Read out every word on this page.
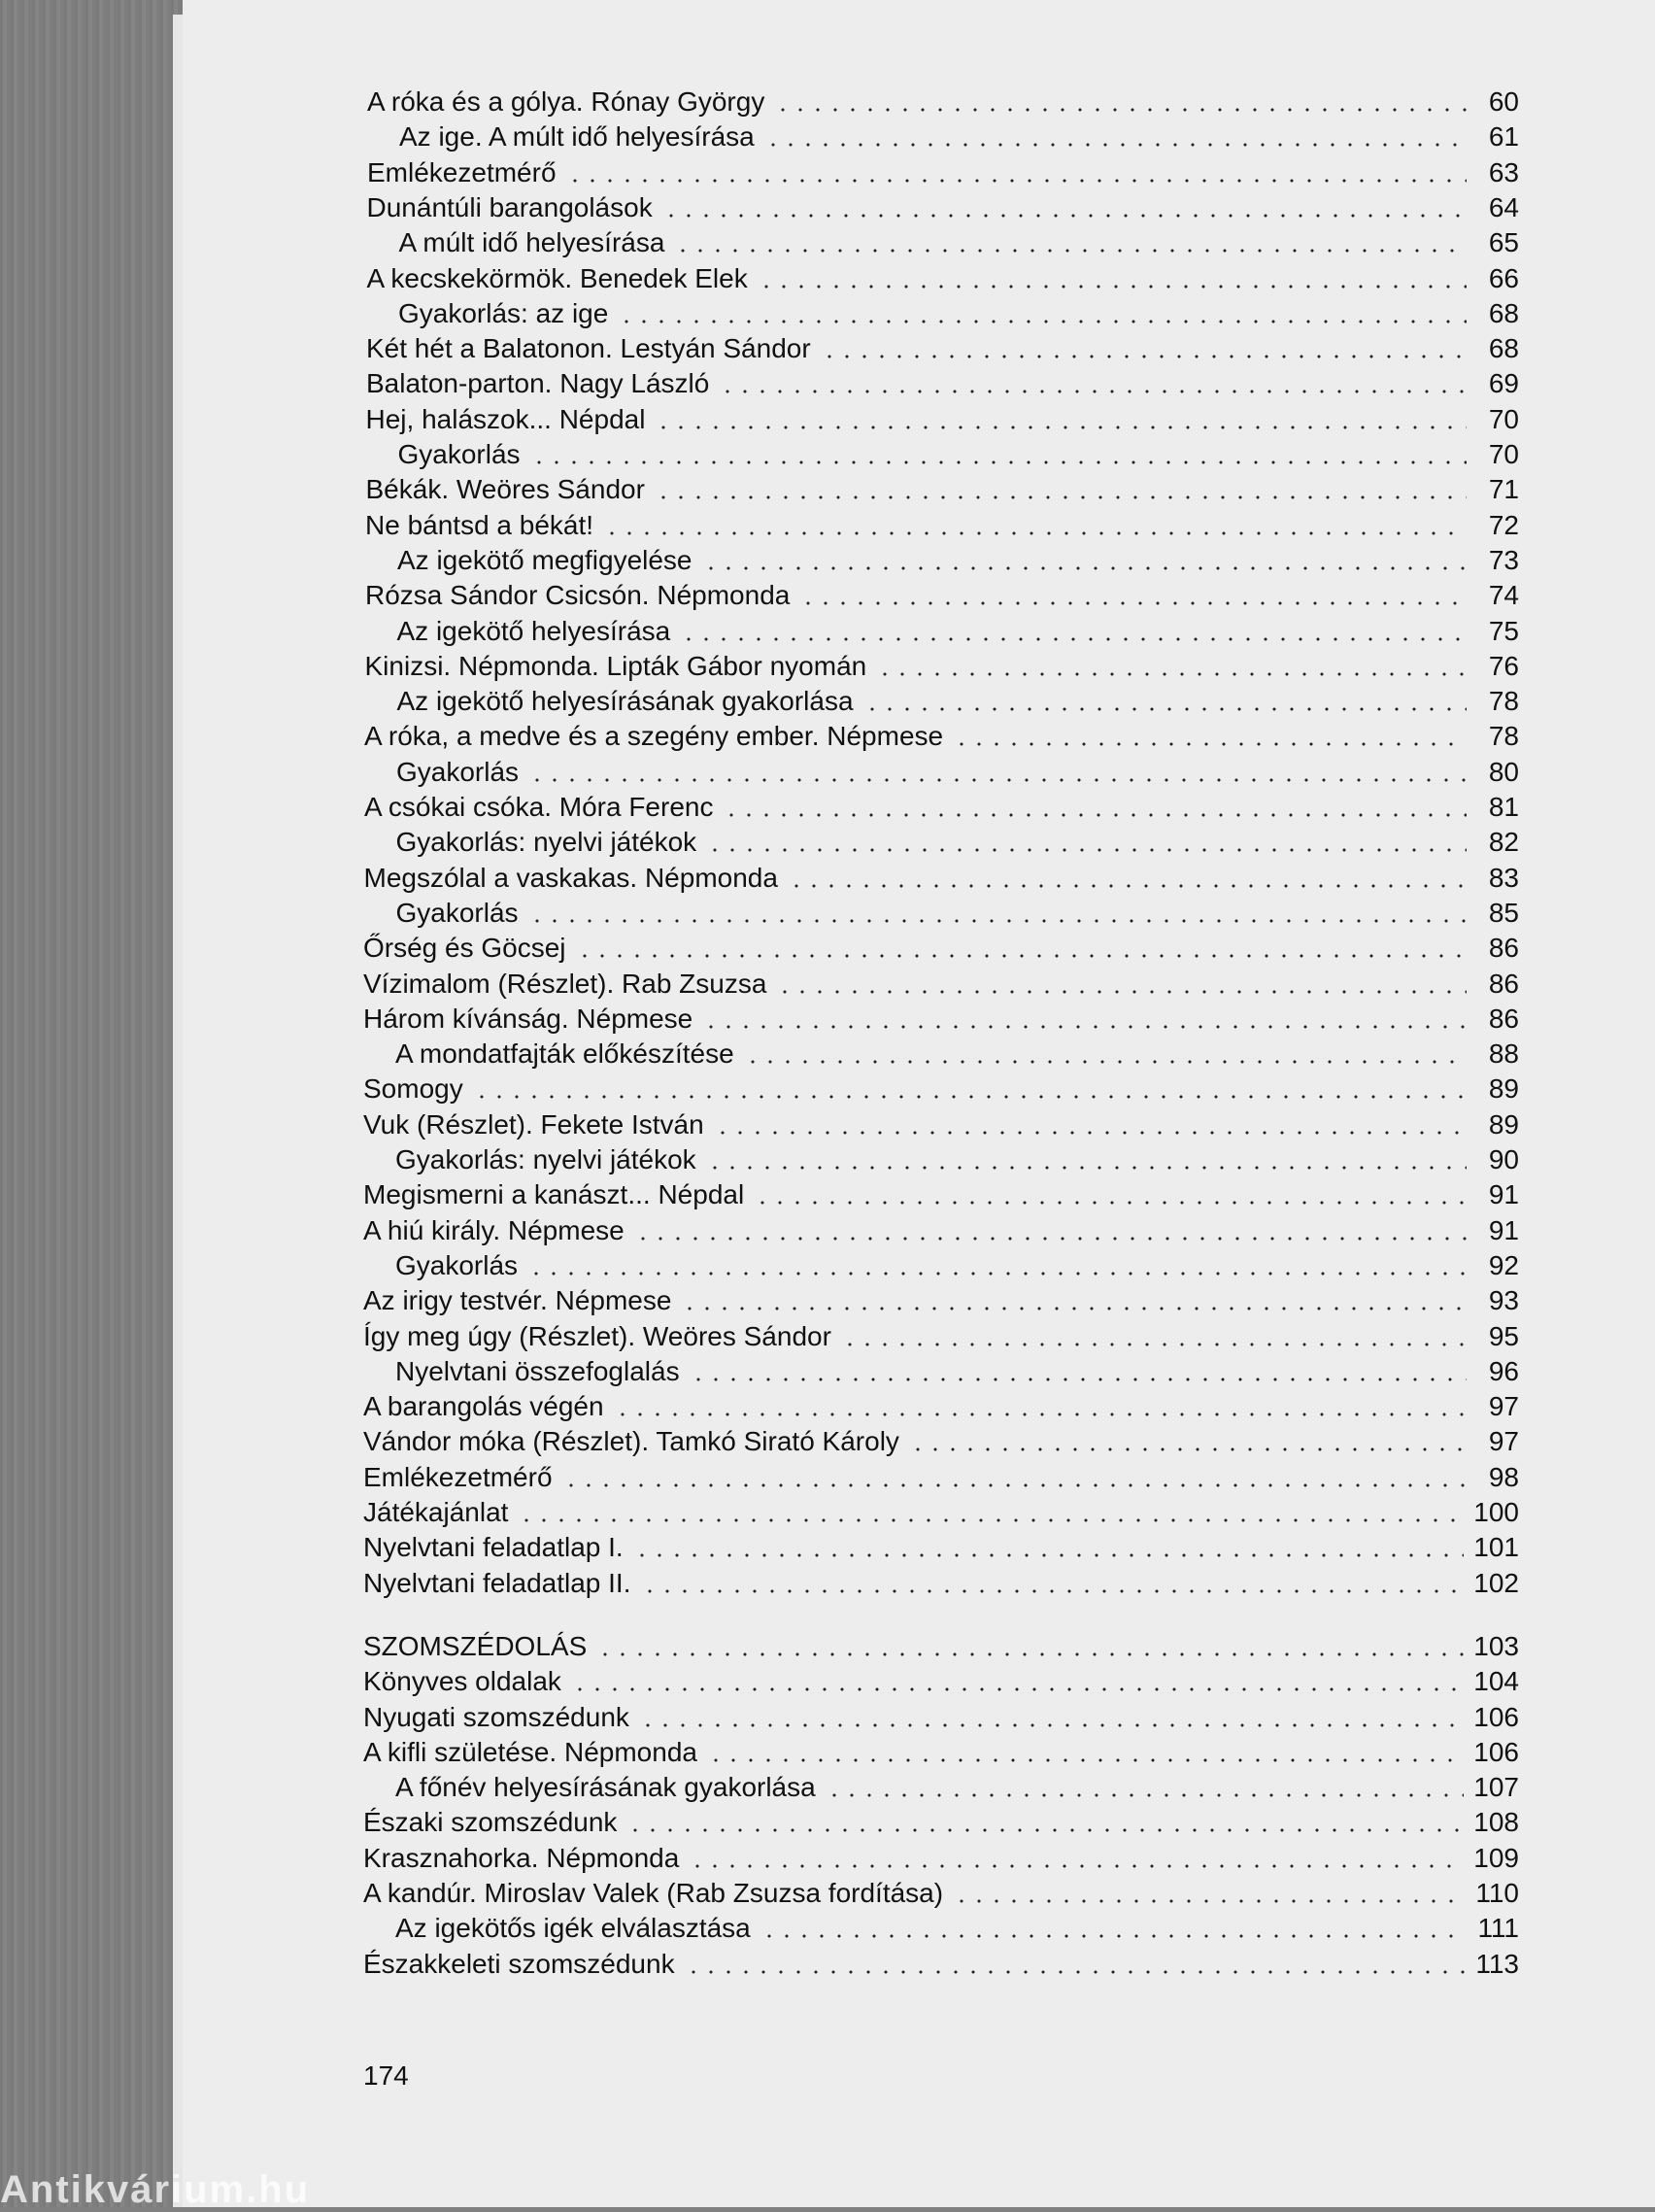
A róka és a gólya. Rónay György	60
Az ige. A múlt idő helyesírása	61
Emlékezetmérő	63
Dunántúli barangolások	64
A múlt idő helyesírása	65
A kecskekörmök. Benedek Elek	66
Gyakorlás: az ige	68
Két hét a Balatonon. Lestyán Sándor	68
Balaton-parton. Nagy László	69
Hej, halászok... Népdal	70
Gyakorlás	70
Békák. Weöres Sándor	71
Ne bántsd a békát!	72
Az igekötő megfigyelése	73
Rózsa Sándor Csicsón. Népmonda	74
Az igekötő helyesírása	75
Kinizsi. Népmonda. Lipták Gábor nyomán	76
Az igekötő helyesírásának gyakorlása	78
A róka, a medve és a szegény ember. Népmese	78
Gyakorlás	80
A csókai csóka. Móra Ferenc	81
Gyakorlás: nyelvi játékok	82
Megszólal a vaskakas. Népmonda	83
Gyakorlás	85
Őrség és Göcsej	86
Vízimalom (Részlet). Rab Zsuzsa	86
Három kívánság. Népmese	86
A mondatfajták előkészítése	88
Somogy	89
Vuk (Részlet). Fekete István	89
Gyakorlás: nyelvi játékok	90
Megismerni a kanászt... Népdal	91
A hiú király. Népmese	91
Gyakorlás	92
Az irigy testvér. Népmese	93
Így meg úgy (Részlet). Weöres Sándor	95
Nyelvtani összefoglalás	96
A barangolás végén	97
Vándor móka (Részlet). Tamkó Sirató Károly	97
Emlékezetmérő	98
Játékajánlat	100
Nyelvtani feladatlap I.	101
Nyelvtani feladatlap II.	102
SZOMSZÉDOLÁS	103
Könyves oldalak	104
Nyugati szomszédunk	106
A kifli születése. Népmonda	106
A főnév helyesírásának gyakorlása	107
Északi szomszédunk	108
Krasznahorka. Népmonda	109
A kandúr. Miroslav Valek (Rab Zsuzsa fordítása)	110
Az igekötős igék elválasztása	111
Északkeleti szomszédunk	113
174
Antikvárium.hu
